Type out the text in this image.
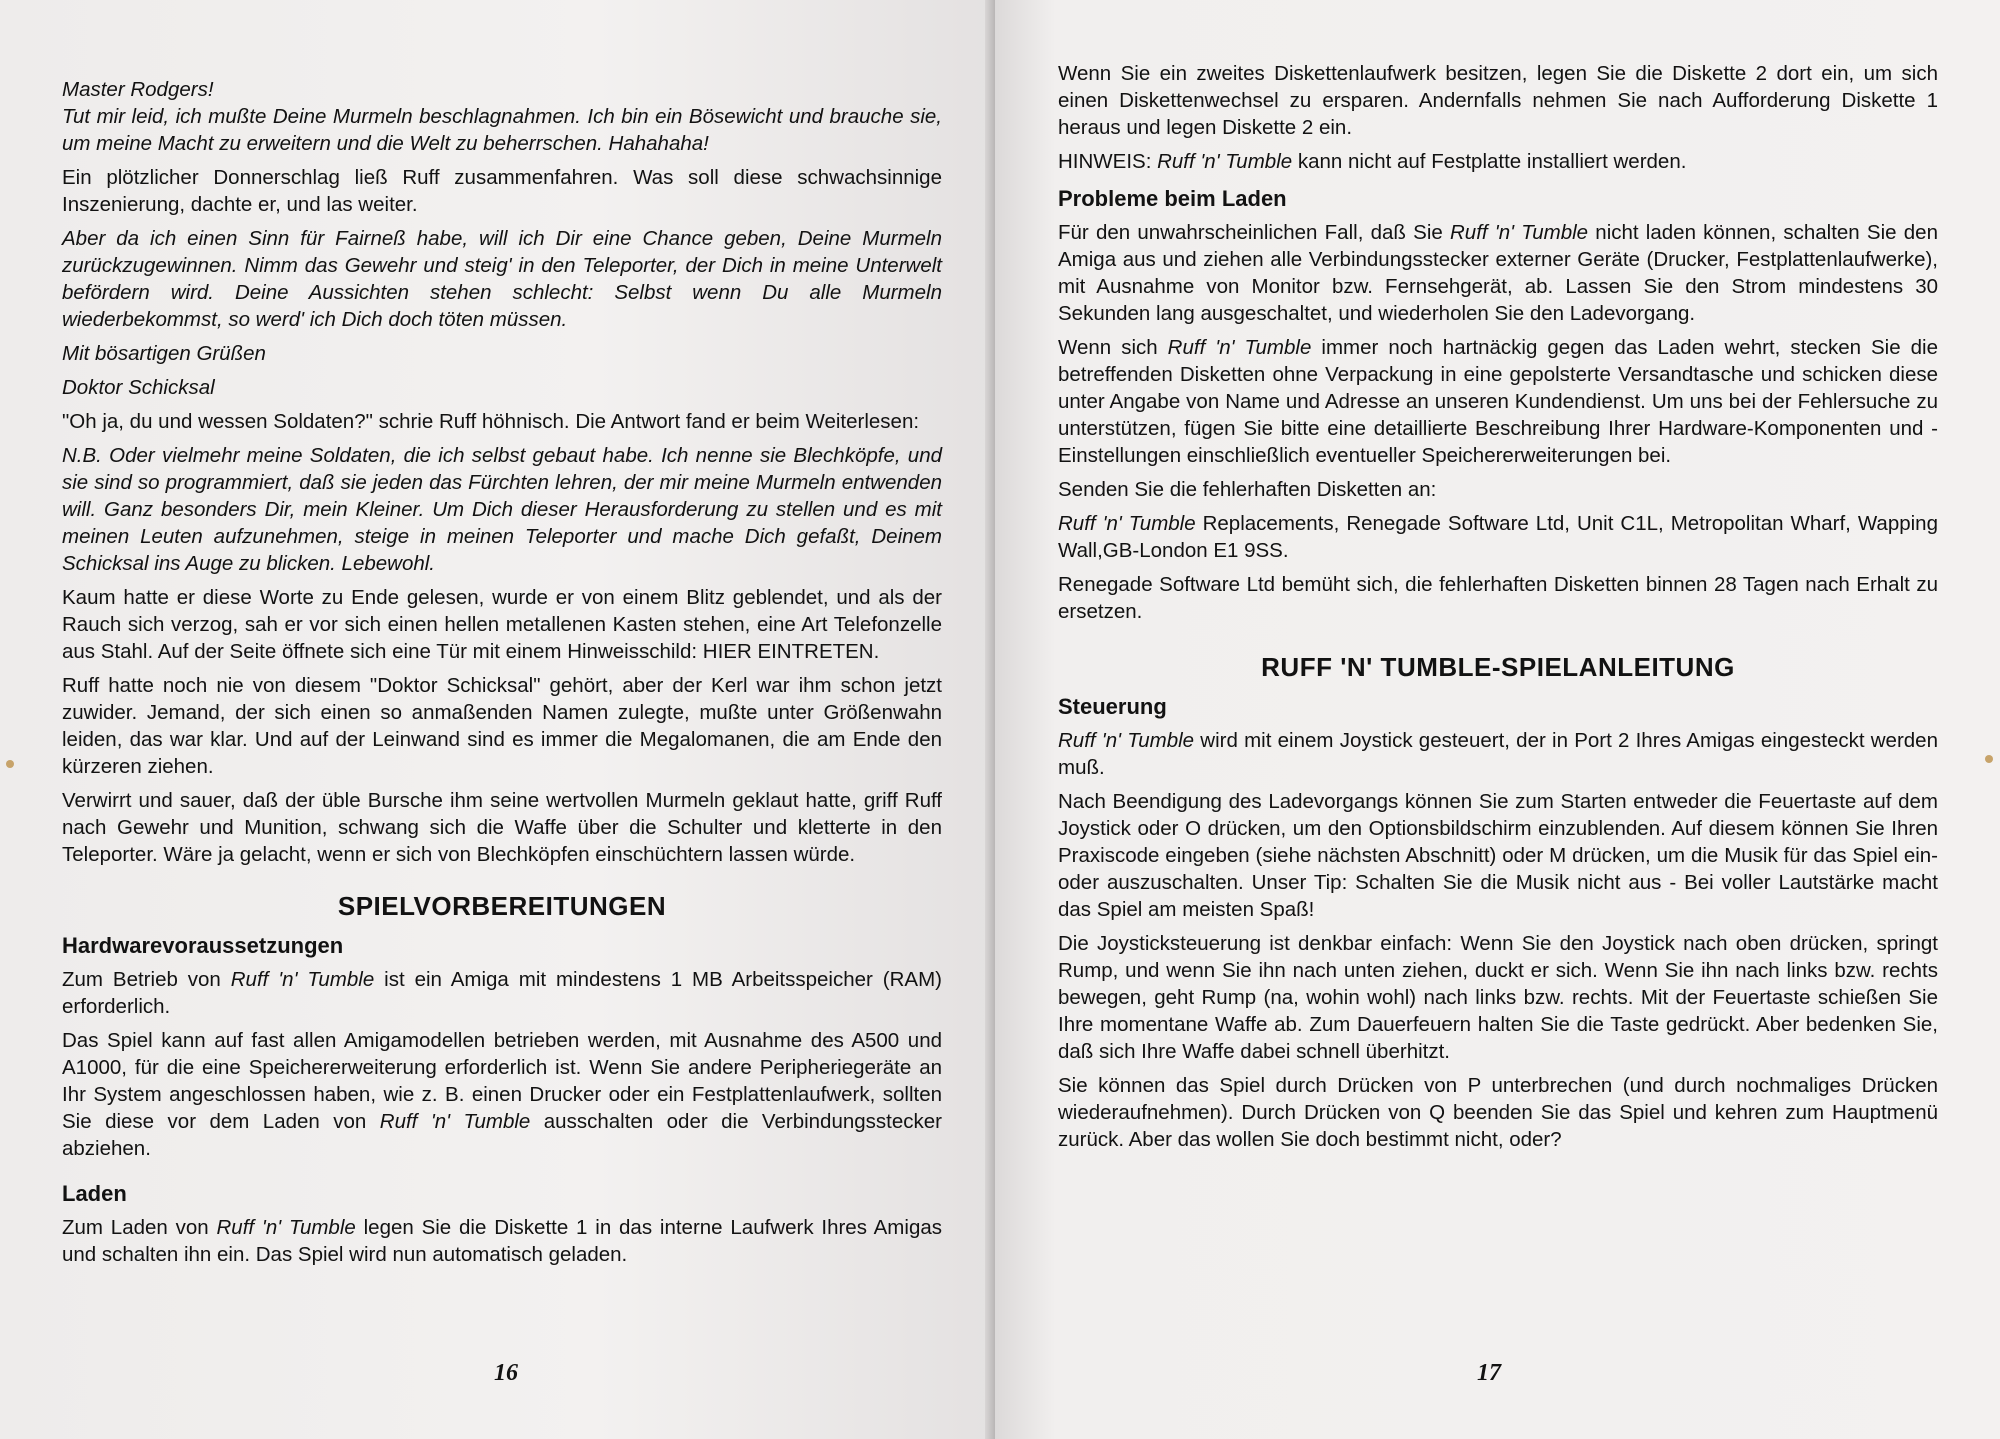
Master Rodgers!

Tut mir leid, ich mußte Deine Murmeln beschlagnahmen. Ich bin ein Bösewicht und brauche sie, um meine Macht zu erweitern und die Welt zu beherrschen. Hahahaha!

Ein plötzlicher Donnerschlag ließ Ruff zusammenfahren. Was soll diese schwachsinnige Inszenierung, dachte er, und las weiter.

Aber da ich einen Sinn für Fairneß habe, will ich Dir eine Chance geben, Deine Murmeln zurückzugewinnen. Nimm das Gewehr und steig' in den Teleporter, der Dich in meine Unterwelt befördern wird. Deine Aussichten stehen schlecht: Selbst wenn Du alle Murmeln wiederbekommst, so werd' ich Dich doch töten müssen.

Mit bösartigen Grüßen

Doktor Schicksal

"Oh ja, du und wessen Soldaten?" schrie Ruff höhnisch. Die Antwort fand er beim Weiterlesen:

N.B. Oder vielmehr meine Soldaten, die ich selbst gebaut habe. Ich nenne sie Blechköpfe, und sie sind so programmiert, daß sie jeden das Fürchten lehren, der mir meine Murmeln entwenden will. Ganz besonders Dir, mein Kleiner. Um Dich dieser Herausforderung zu stellen und es mit meinen Leuten aufzunehmen, steige in meinen Teleporter und mache Dich gefaßt, Deinem Schicksal ins Auge zu blicken. Lebewohl.

Kaum hatte er diese Worte zu Ende gelesen, wurde er von einem Blitz geblendet, und als der Rauch sich verzog, sah er vor sich einen hellen metallenen Kasten stehen, eine Art Telefonzelle aus Stahl. Auf der Seite öffnete sich eine Tür mit einem Hinweisschild: HIER EINTRETEN.

Ruff hatte noch nie von diesem "Doktor Schicksal" gehört, aber der Kerl war ihm schon jetzt zuwider. Jemand, der sich einen so anmaßenden Namen zulegte, mußte unter Größenwahn leiden, das war klar. Und auf der Leinwand sind es immer die Megalomanen, die am Ende den kürzeren ziehen.

Verwirrt und sauer, daß der üble Bursche ihm seine wertvollen Murmeln geklaut hatte, griff Ruff nach Gewehr und Munition, schwang sich die Waffe über die Schulter und kletterte in den Teleporter. Wäre ja gelacht, wenn er sich von Blechköpfen einschüchtern lassen würde.

SPIELVORBEREITUNGEN
Hardwarevoraussetzungen

Zum Betrieb von Ruff 'n' Tumble ist ein Amiga mit mindestens 1 MB Arbeitsspeicher (RAM) erforderlich.

Das Spiel kann auf fast allen Amigamodellen betrieben werden, mit Ausnahme des A500 und A1000, für die eine Speichererweiterung erforderlich ist. Wenn Sie andere Peripheriegeräte an Ihr System angeschlossen haben, wie z. B. einen Drucker oder ein Festplattenlaufwerk, sollten Sie diese vor dem Laden von Ruff 'n' Tumble ausschalten oder die Verbindungsstecker abziehen.

Laden

Zum Laden von Ruff 'n' Tumble legen Sie die Diskette 1 in das interne Laufwerk Ihres Amigas und schalten ihn ein. Das Spiel wird nun automatisch geladen.

16

Wenn Sie ein zweites Diskettenlaufwerk besitzen, legen Sie die Diskette 2 dort ein, um sich einen Diskettenwechsel zu ersparen. Andernfalls nehmen Sie nach Aufforderung Diskette 1 heraus und legen Diskette 2 ein.

HINWEIS: Ruff 'n' Tumble kann nicht auf Festplatte installiert werden.

Probleme beim Laden

Für den unwahrscheinlichen Fall, daß Sie Ruff 'n' Tumble nicht laden können, schalten Sie den Amiga aus und ziehen alle Verbindungsstecker externer Geräte (Drucker, Festplattenlaufwerke), mit Ausnahme von Monitor bzw. Fernsehgerät, ab. Lassen Sie den Strom mindestens 30 Sekunden lang ausgeschaltet, und wiederholen Sie den Ladevorgang.

Wenn sich Ruff 'n' Tumble immer noch hartnäckig gegen das Laden wehrt, stecken Sie die betreffenden Disketten ohne Verpackung in eine gepolsterte Versandtasche und schicken diese unter Angabe von Name und Adresse an unseren Kundendienst. Um uns bei der Fehlersuche zu unterstützen, fügen Sie bitte eine detaillierte Beschreibung Ihrer Hardware-Komponenten und -Einstellungen einschließlich eventueller Speichererweiterungen bei.

Senden Sie die fehlerhaften Disketten an:

Ruff 'n' Tumble Replacements, Renegade Software Ltd, Unit C1L, Metropolitan Wharf, Wapping Wall,GB-London E1 9SS.

Renegade Software Ltd bemüht sich, die fehlerhaften Disketten binnen 28 Tagen nach Erhalt zu ersetzen.

RUFF 'N' TUMBLE-SPIELANLEITUNG
Steuerung

Ruff 'n' Tumble wird mit einem Joystick gesteuert, der in Port 2 Ihres Amigas eingesteckt werden muß.

Nach Beendigung des Ladevorgangs können Sie zum Starten entweder die Feuertaste auf dem Joystick oder O drücken, um den Optionsbildschirm einzublenden. Auf diesem können Sie Ihren Praxiscode eingeben (siehe nächsten Abschnitt) oder M drücken, um die Musik für das Spiel ein- oder auszuschalten. Unser Tip: Schalten Sie die Musik nicht aus - Bei voller Lautstärke macht das Spiel am meisten Spaß!

Die Joysticksteuerung ist denkbar einfach: Wenn Sie den Joystick nach oben drücken, springt Rump, und wenn Sie ihn nach unten ziehen, duckt er sich. Wenn Sie ihn nach links bzw. rechts bewegen, geht Rump (na, wohin wohl) nach links bzw. rechts. Mit der Feuertaste schießen Sie Ihre momentane Waffe ab. Zum Dauerfeuern halten Sie die Taste gedrückt. Aber bedenken Sie, daß sich Ihre Waffe dabei schnell überhitzt.

Sie können das Spiel durch Drücken von P unterbrechen (und durch nochmaliges Drücken wiederaufnehmen). Durch Drücken von Q beenden Sie das Spiel und kehren zum Hauptmenü zurück. Aber das wollen Sie doch bestimmt nicht, oder?

17
